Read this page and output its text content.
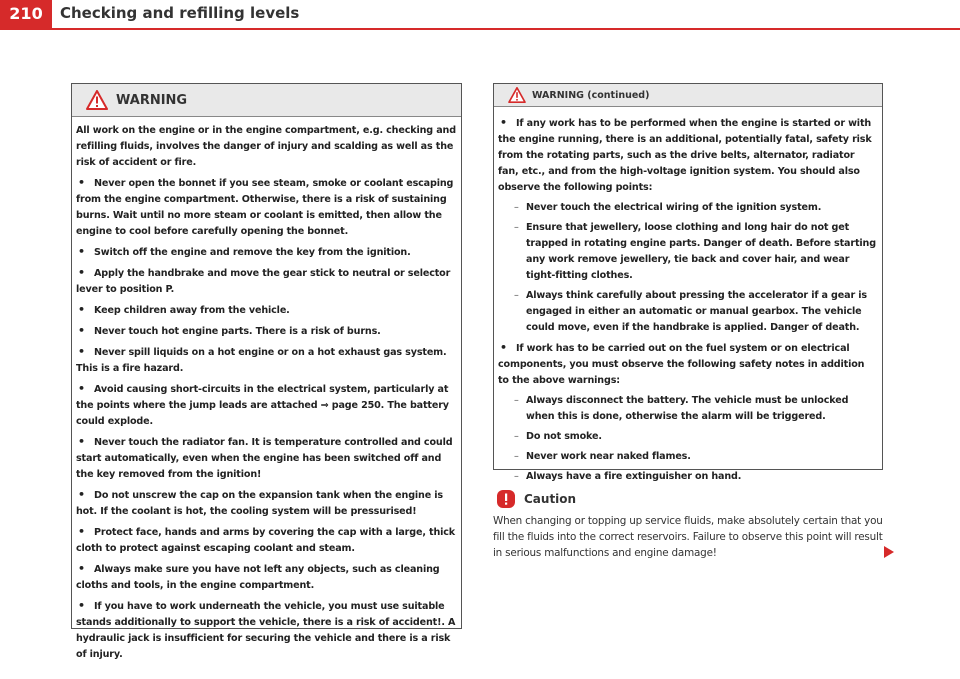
210	Checking and refilling levels
WARNING

All work on the engine or in the engine compartment, e.g. checking and refilling fluids, involves the danger of injury and scalding as well as the risk of accident or fire.

• Never open the bonnet if you see steam, smoke or coolant escaping from the engine compartment. Otherwise, there is a risk of sustaining burns. Wait until no more steam or coolant is emitted, then allow the engine to cool before carefully opening the bonnet.

• Switch off the engine and remove the key from the ignition.

• Apply the handbrake and move the gear stick to neutral or selector lever to position P.

• Keep children away from the vehicle.

• Never touch hot engine parts. There is a risk of burns.

• Never spill liquids on a hot engine or on a hot exhaust gas system. This is a fire hazard.

• Avoid causing short-circuits in the electrical system, particularly at the points where the jump leads are attached ⇒ page 250. The battery could explode.

• Never touch the radiator fan. It is temperature controlled and could start automatically, even when the engine has been switched off and the key removed from the ignition!

• Do not unscrew the cap on the expansion tank when the engine is hot. If the coolant is hot, the cooling system will be pressurised!

• Protect face, hands and arms by covering the cap with a large, thick cloth to protect against escaping coolant and steam.

• Always make sure you have not left any objects, such as cleaning cloths and tools, in the engine compartment.

• If you have to work underneath the vehicle, you must use suitable stands additionally to support the vehicle, there is a risk of accident!. A hydraulic jack is insufficient for securing the vehicle and there is a risk of injury.

WARNING (continued)

• If any work has to be performed when the engine is started or with the engine running, there is an additional, potentially fatal, safety risk from the rotating parts, such as the drive belts, alternator, radiator fan, etc., and from the high-voltage ignition system. You should also observe the following points:

– Never touch the electrical wiring of the ignition system.

– Ensure that jewellery, loose clothing and long hair do not get trapped in rotating engine parts. Danger of death. Before starting any work remove jewellery, tie back and cover hair, and wear tight-fitting clothes.

– Always think carefully about pressing the accelerator if a gear is engaged in either an automatic or manual gearbox. The vehicle could move, even if the handbrake is applied. Danger of death.

• If work has to be carried out on the fuel system or on electrical components, you must observe the following safety notes in addition to the above warnings:

– Always disconnect the battery. The vehicle must be unlocked when this is done, otherwise the alarm will be triggered.

– Do not smoke.

– Never work near naked flames.

– Always have a fire extinguisher on hand.

Caution
When changing or topping up service fluids, make absolutely certain that you fill the fluids into the correct reservoirs. Failure to observe this point will result in serious malfunctions and engine damage!
